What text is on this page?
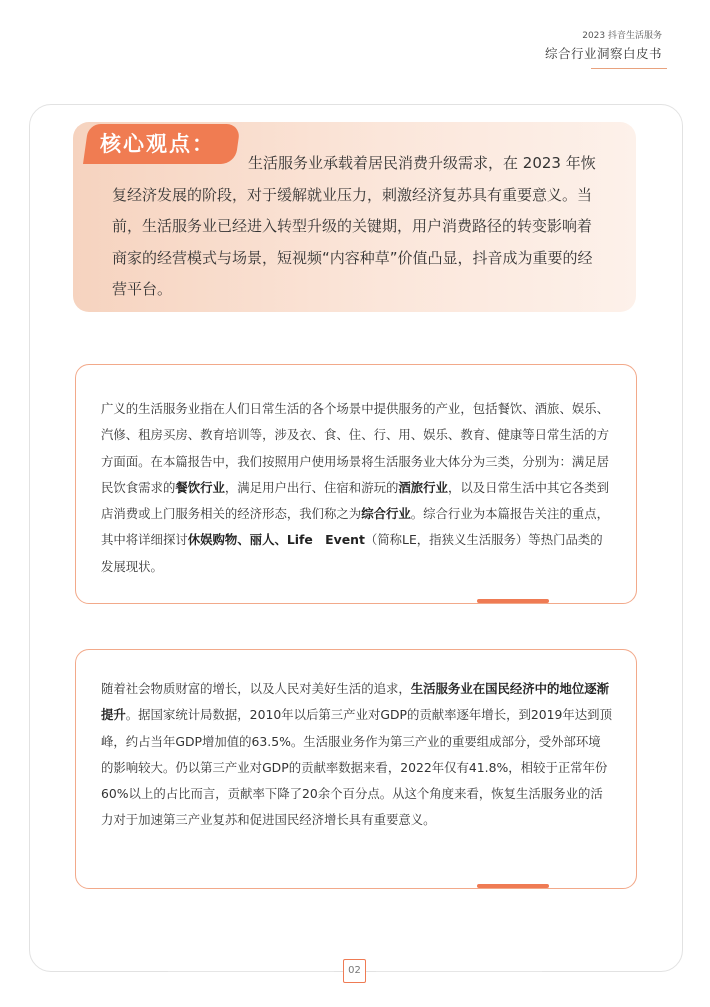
2023 抖音生活服务
综合行业洞察白皮书
核心观点：
生活服务业承载着居民消费升级需求，在 2023 年恢复经济发展的阶段，对于缓解就业压力，刺激经济复苏具有重要意义。当前，生活服务业已经进入转型升级的关键期，用户消费路径的转变影响着商家的经营模式与场景，短视频“内容种草”价值凸显，抖音成为重要的经营平台。
广义的生活服务业指在人们日常生活的各个场景中提供服务的产业，包括餐饮、酒旅、娱乐、汽修、租房买房、教育培训等，涉及衣、食、住、行、用、娱乐、教育、健康等日常生活的方方面面。在本篇报告中，我们按照用户使用场景将生活服务业大体分为三类，分别为：满足居民饮食需求的餐饮行业，满足用户出行、住宿和游玩的酒旅行业，以及日常生活中其它各类到店消费或上门服务相关的经济形态，我们称之为综合行业。综合行业为本篇报告关注的重点，其中将详细探讨休娱购物、丽人、Life　Event（简称LE，指狭义生活服务）等热门品类的发展现状。
随着社会物质财富的增长，以及人民对美好生活的追求，生活服务业在国民经济中的地位逐渐提升。据国家统计局数据，2010年以后第三产业对GDP的贡献率逐年增长，到2019年达到顶峰，约占当年GDP增加值的63.5%。生活服业务作为第三产业的重要组成部分，受外部环境的影响较大。仍以第三产业对GDP的贡献率数据来看，2022年仅有41.8%，相较于正常年份60%以上的占比而言，贡献率下降了20余个百分点。从这个角度来看，恢复生活服务业的活力对于加速第三产业复苏和促进国民经济增长具有重要意义。
02
